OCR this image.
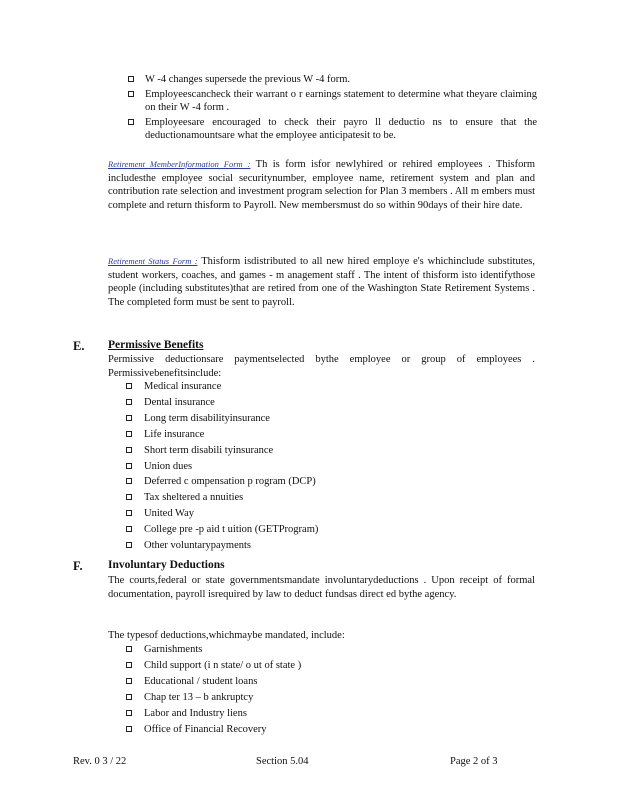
W -4 changes supersede the previous W -4 form.
Employeescancheck their warrant o r earnings statement to determine what theyare claiming on their W -4 form .
Employeesare encouraged to check their payro ll deductio ns to ensure that the deductionamountsare what the employee anticipatesit to be.
Retirement MemberInformation Form : Th is form isfor newlyhired or rehired employees . Thisform includesthe employee social securitynumber, employee name, retirement system and plan and contribution rate selection and investment program selection for Plan 3 members . All m embers must complete and return thisform to Payroll. New membersmust do so within 90days of their hire date.
Retirement Status Form : Thisform isdistributed to all new hired employe e's whichinclude substitutes, student workers, coaches, and games - m anagement staff . The intent of thisform isto identifythose people (including substitutes)that are retired from one of the Washington State Retirement Systems . The completed form must be sent to payroll.
E. Permissive Benefits
Permissive deductionsare paymentselected bythe employee or group of employees . Permissivebenefitsinclude:
Medical insurance
Dental insurance
Long term disabilityinsurance
Life insurance
Short term disabili tyinsurance
Union dues
Deferred c ompensation p rogram (DCP)
Tax sheltered a nnuities
United Way
College pre -p aid t uition (GETProgram)
Other voluntarypayments
F. Involuntary Deductions
The courts,federal or state governmentsmandate involuntarydeductions . Upon receipt of formal documentation, payroll isrequired by law to deduct fundsas direct ed bythe agency.
The typesof deductions,whichmaybe mandated, include:
Garnishments
Child support (i n state/ o ut of state )
Educational / student loans
Chap ter 13 – b ankruptcy
Labor and Industry liens
Office of Financial Recovery
Rev. 0 3 / 22	Section 5.04	Page 2 of 3
